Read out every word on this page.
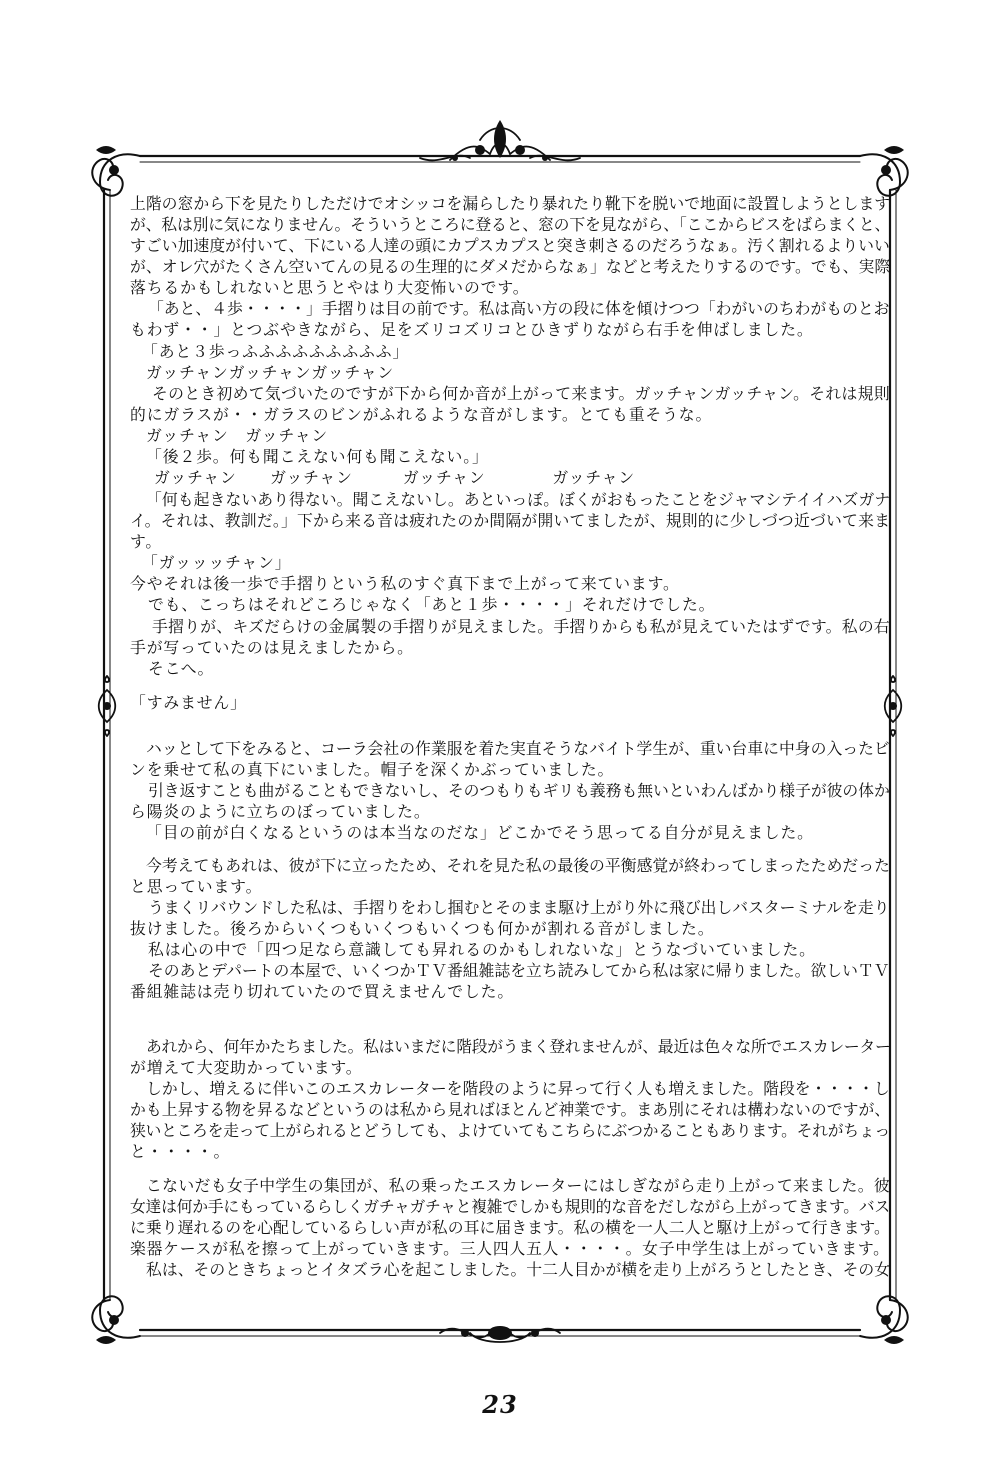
上階の窓から下を見たりしただけでオシッコを漏らしたり暴れたり靴下を脱いで地面に設置しようとします
が、私は別に気になりません。そういうところに登ると、窓の下を見ながら、「ここからビスをばらまくと、
すごい加速度が付いて、下にいる人達の頭にカプスカプスと突き刺さるのだろうなぁ。汚く割れるよりいい
が、オレ穴がたくさん空いてんの見るの生理的にダメだからなぁ」などと考えたりするのです。でも、実際
落ちるかもしれないと思うとやはり大変怖いのです。
「あと、４歩・・・・」手摺りは目の前です。私は高い方の段に体を傾けつつ「わがいのちわがものとお
もわず・・」とつぶやきながら、足をズリコズリコとひきずりながら右手を伸ばしました。
「あと３歩っふふふふふふふふふ」
ガッチャンガッチャンガッチャン
そのとき初めて気づいたのですが下から何か音が上がって来ます。ガッチャンガッチャン。それは規則
的にガラスが・・ガラスのビンがふれるような音がします。とても重そうな。
ガッチャン　ガッチャン
「後２歩。何も聞こえない何も聞こえない。」
ガッチャン　　ガッチャン　　　ガッチャン　　　　ガッチャン
「何も起きないあり得ない。聞こえないし。あといっぽ。ぼくがおもったことをジャマシテイイハズガナ
イ。それは、教訓だ。」下から来る音は疲れたのか間隔が開いてましたが、規則的に少しづつ近づいて来ま
す。
「ガッッッチャン」
今やそれは後一歩で手摺りという私のすぐ真下まで上がって来ています。
でも、こっちはそれどころじゃなく「あと１歩・・・・」それだけでした。
手摺りが、キズだらけの金属製の手摺りが見えました。手摺りからも私が見えていたはずです。私の右
手が写っていたのは見えましたから。
そこへ。
「すみません」
ハッとして下をみると、コーラ会社の作業服を着た実直そうなバイト学生が、重い台車に中身の入ったビ
ンを乗せて私の真下にいました。帽子を深くかぶっていました。
引き返すことも曲がることもできないし、そのつもりもギリも義務も無いといわんばかり様子が彼の体か
ら陽炎のように立ちのぼっていました。
「目の前が白くなるというのは本当なのだな」どこかでそう思ってる自分が見えました。
今考えてもあれは、彼が下に立ったため、それを見た私の最後の平衡感覚が終わってしまったためだった
と思っています。
うまくリバウンドした私は、手摺りをわし掴むとそのまま駆け上がり外に飛び出しバスターミナルを走り
抜けました。後ろからいくつもいくつもいくつも何かが割れる音がしました。
私は心の中で「四つ足なら意識しても昇れるのかもしれないな」とうなづいていました。
そのあとデパートの本屋で、いくつかＴＶ番組雑誌を立ち読みしてから私は家に帰りました。欲しいＴＶ
番組雑誌は売り切れていたので買えませんでした。
あれから、何年かたちました。私はいまだに階段がうまく登れませんが、最近は色々な所でエスカレーター
が増えて大変助かっています。
しかし、増えるに伴いこのエスカレーターを階段のように昇って行く人も増えました。階段を・・・・し
かも上昇する物を昇るなどというのは私から見ればほとんど神業です。まあ別にそれは構わないのですが、
狭いところを走って上がられるとどうしても、よけていてもこちらにぶつかることもあります。それがちょっ
と・・・・。
こないだも女子中学生の集団が、私の乗ったエスカレーターにはしぎながら走り上がって来ました。彼
女達は何か手にもっているらしくガチャガチャと複雑でしかも規則的な音をだしながら上がってきます。バス
に乗り遅れるのを心配しているらしい声が私の耳に届きます。私の横を一人二人と駆け上がって行きます。
楽器ケースが私を擦って上がっていきます。三人四人五人・・・・。女子中学生は上がっていきます。
私は、そのときちょっとイタズラ心を起こしました。十二人目かが横を走り上がろうとしたとき、その女
23
